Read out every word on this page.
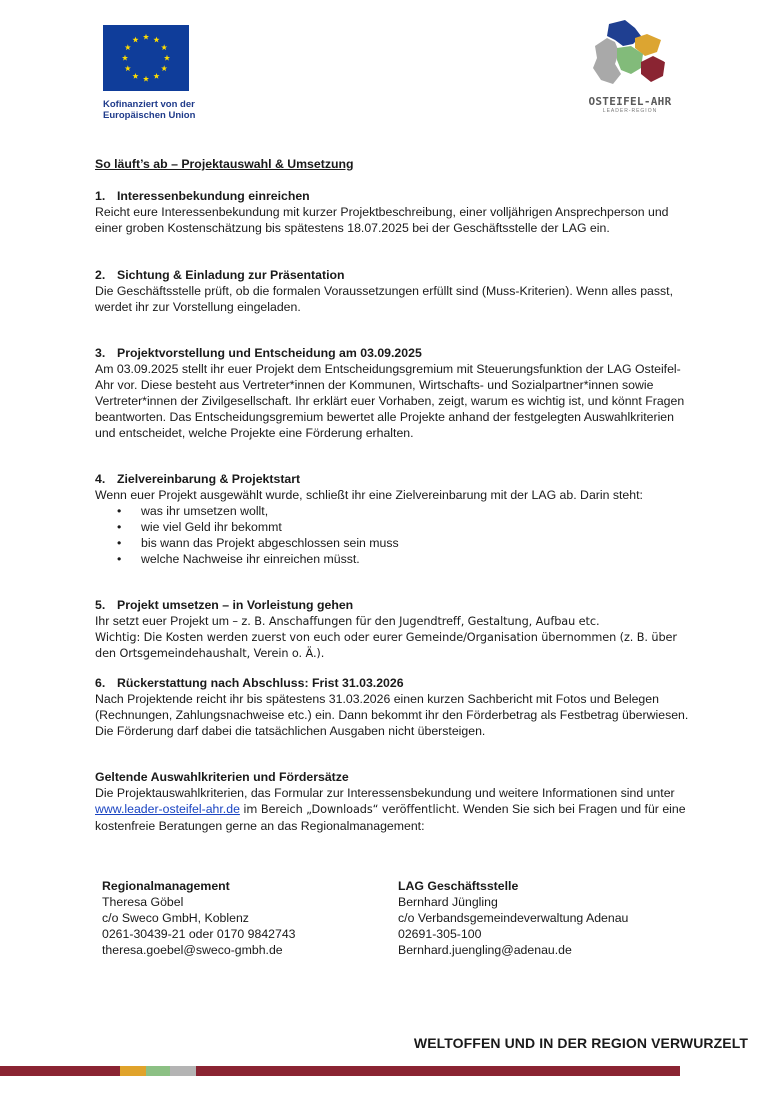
Kofinanziert von der
Europäischen Union
OSTEIFEL-AHR
LEADER-REGION
So läuft’s ab – Projektauswahl & Umsetzung

1. Interessenbekundung einreichen

Reicht eure Interessenbekundung mit kurzer Projektbeschreibung, einer volljährigen Ansprechperson und einer groben Kostenschätzung bis spätestens 18.07.2025 bei der Geschäftsstelle der LAG ein.

2. Sichtung & Einladung zur Präsentation

Die Geschäftsstelle prüft, ob die formalen Voraussetzungen erfüllt sind (Muss-Kriterien). Wenn alles passt, werdet ihr zur Vorstellung eingeladen.

3. Projektvorstellung und Entscheidung am 03.09.2025

Am 03.09.2025 stellt ihr euer Projekt dem Entscheidungsgremium mit Steuerungsfunktion der LAG Osteifel-Ahr vor. Diese besteht aus Vertreter*innen der Kommunen, Wirtschafts- und Sozialpartner*innen sowie Vertreter*innen der Zivilgesellschaft. Ihr erklärt euer Vorhaben, zeigt, warum es wichtig ist, und könnt Fragen beantworten. Das Entscheidungsgremium bewertet alle Projekte anhand der festgelegten Auswahlkriterien und entscheidet, welche Projekte eine Förderung erhalten.

4. Zielvereinbarung & Projektstart

Wenn euer Projekt ausgewählt wurde, schließt ihr eine Zielvereinbarung mit der LAG ab. Darin steht:

• was ihr umsetzen wollt,
• wie viel Geld ihr bekommt
• bis wann das Projekt abgeschlossen sein muss
• welche Nachweise ihr einreichen müsst.

5. Projekt umsetzen – in Vorleistung gehen

Ihr setzt euer Projekt um – z. B. Anschaffungen für den Jugendtreff, Gestaltung, Aufbau etc.

Wichtig: Die Kosten werden zuerst von euch oder eurer Gemeinde/Organisation übernommen (z. B. über den Ortsgemeindehaushalt, Verein o. Ä.).

6. Rückerstattung nach Abschluss: Frist 31.03.2026

Nach Projektende reicht ihr bis spätestens 31.03.2026 einen kurzen Sachbericht mit Fotos und Belegen (Rechnungen, Zahlungsnachweise etc.) ein. Dann bekommt ihr den Förderbetrag als Festbetrag überwiesen. Die Förderung darf dabei die tatsächlichen Ausgaben nicht übersteigen.

Geltende Auswahlkriterien und Fördersätze

Die Projektauswahlkriterien, das Formular zur Interessensbekundung und weitere Informationen sind unter www.leader-osteifel-ahr.de im Bereich „Downloads“ veröffentlicht. Wenden Sie sich bei Fragen und für eine kostenfreie Beratungen gerne an das Regionalmanagement:

Regionalmanagement
Theresa Göbel
c/o Sweco GmbH, Koblenz
0261-30439-21 oder 0170 9842743
theresa.goebel@sweco-gmbh.de
LAG Geschäftsstelle
Bernhard Jüngling
c/o Verbandsgemeindeverwaltung Adenau
02691-305-100
Bernhard.juengling@adenau.de
WELTOFFEN UND IN DER REGION VERWURZELT
